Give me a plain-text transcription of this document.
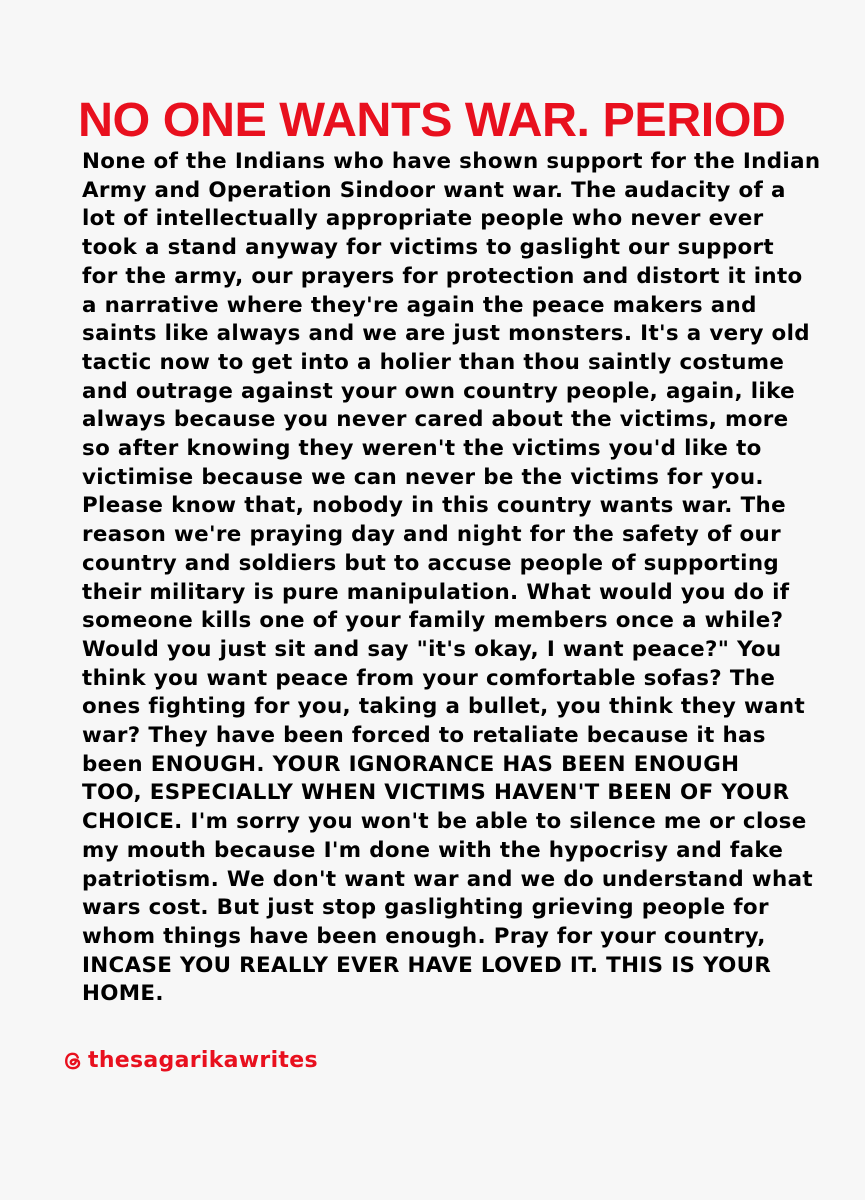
NO ONE WANTS WAR. PERIOD
None of the Indians who have shown support for the Indian
Army and Operation Sindoor want war. The audacity of a
lot of intellectually appropriate people who never ever
took a stand anyway for victims to gaslight our support
for the army, our prayers for protection and distort it into
a narrative where they're again the peace makers and
saints like always and we are just monsters. It's a very old
tactic now to get into a holier than thou saintly costume
and outrage against your own country people, again, like
always because you never cared about the victims, more
so after knowing they weren't the victims you'd like to
victimise because we can never be the victims for you.
Please know that, nobody in this country wants war. The
reason we're praying day and night for the safety of our
country and soldiers but to accuse people of supporting
their military is pure manipulation. What would you do if
someone kills one of your family members once a while?
Would you just sit and say "it's okay, I want peace?" You
think you want peace from your comfortable sofas? The
ones fighting for you, taking a bullet, you think they want
war? They have been forced to retaliate because it has
been ENOUGH. YOUR IGNORANCE HAS BEEN ENOUGH
TOO, ESPECIALLY WHEN VICTIMS HAVEN'T BEEN OF YOUR
CHOICE. I'm sorry you won't be able to silence me or close
my mouth because I'm done with the hypocrisy and fake
patriotism. We don't want war and we do understand what
wars cost. But just stop gaslighting grieving people for
whom things have been enough. Pray for your country,
INCASE YOU REALLY EVER HAVE LOVED IT. THIS IS YOUR
HOME.
thesagarikawrites
